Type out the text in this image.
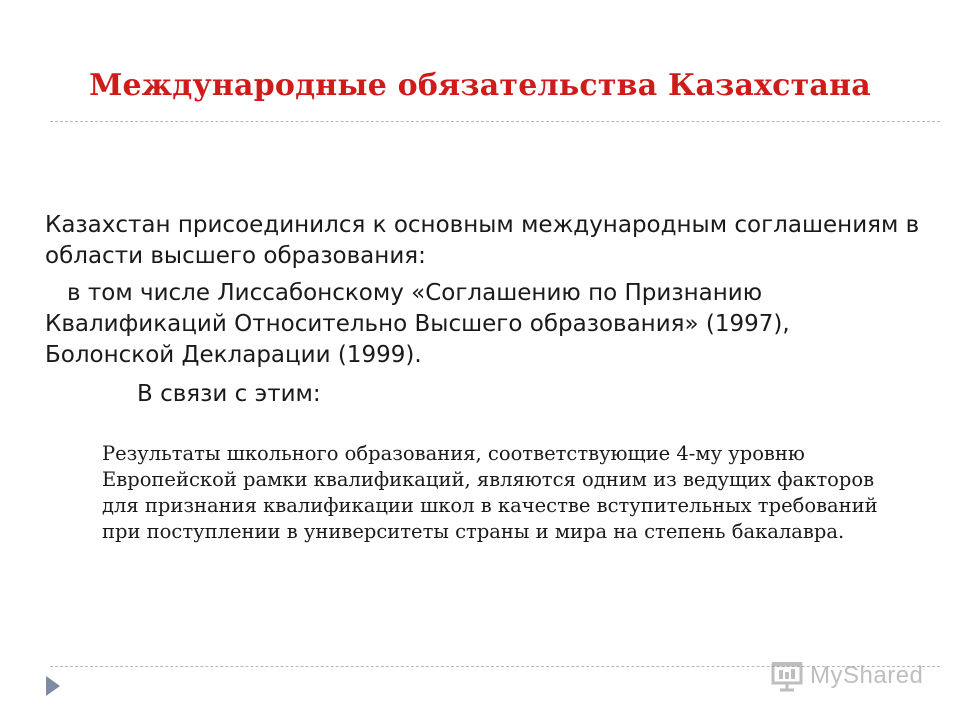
Международные обязательства Казахстана

Казахстан присоединился к основным международным соглашениям в области высшего образования:

в том числе Лиссабонскому «Соглашению по Признанию Квалификаций Относительно Высшего образования» (1997), Болонской Декларации (1999).

В связи с этим:

Результаты школьного образования, соответствующие 4-му уровню Европейской рамки квалификаций, являются одним из ведущих факторов для признания квалификации школ в качестве вступительных требований при поступлении в университеты страны и мира на степень бакалавра.

MyShared
